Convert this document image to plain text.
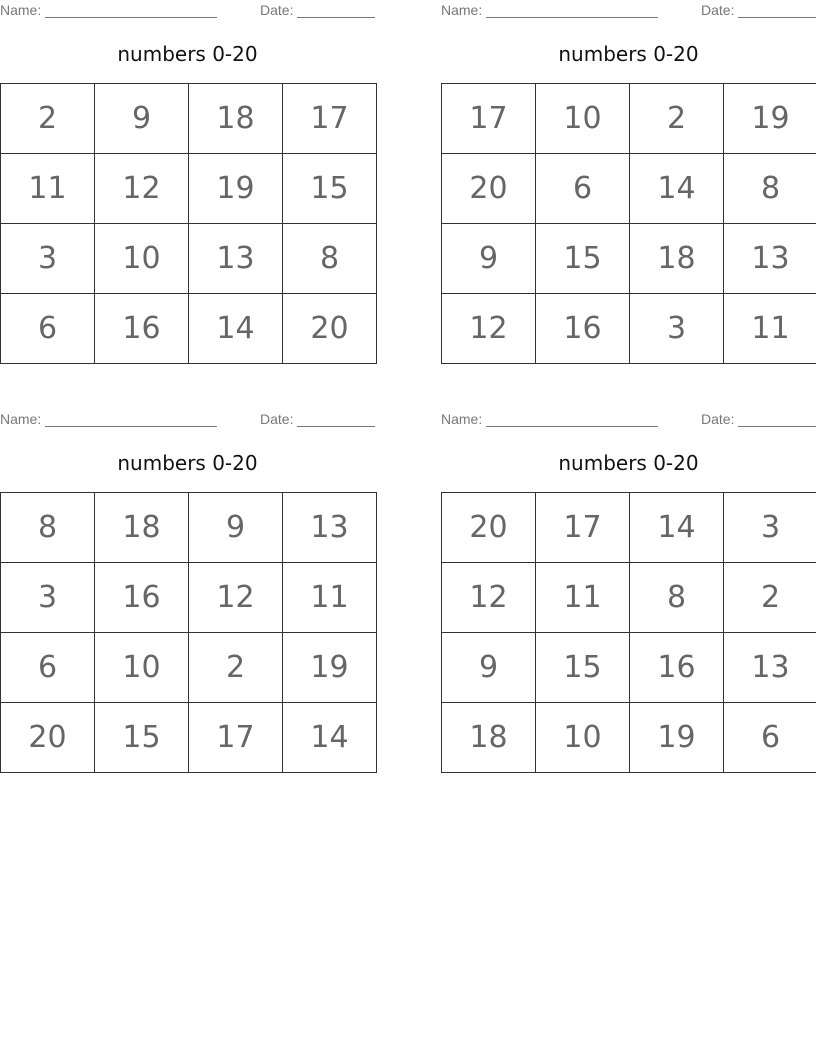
Name:	Date:
numbers 0-20
2	9	18	17
11	12	19	15
3	10	13	8
6	16	14	20
Name:	Date:
numbers 0-20
17	10	2	19
20	6	14	8
9	15	18	13
12	16	3	11
Name:	Date:
numbers 0-20
8	18	9	13
3	16	12	11
6	10	2	19
20	15	17	14
Name:	Date:
numbers 0-20
20	17	14	3
12	11	8	2
9	15	16	13
18	10	19	6
